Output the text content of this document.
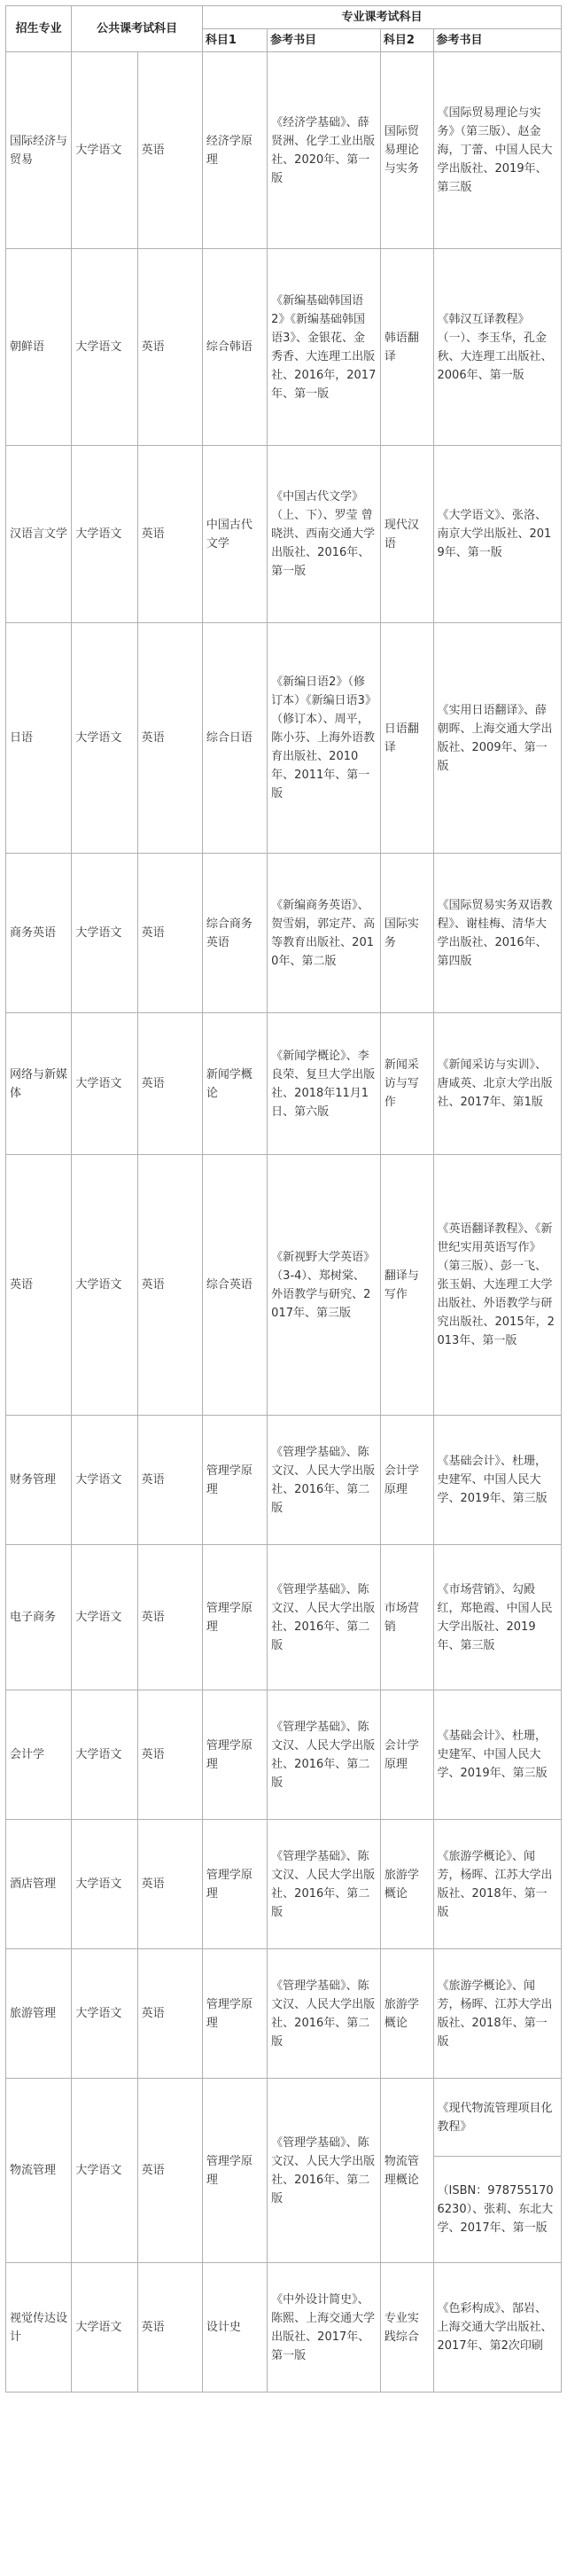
招生专业	公共课考试科目		专业课考试科目			
			科目1	参考书目	科目2	参考书目
国际经济与贸易	大学语文	英语	经济学原理	《经济学基础》、薛贤洲、化学工业出版社、2020年、第一版	国际贸易理论与实务	《国际贸易理论与实务》（第三版）、赵金海，丁蕾、中国人民大学出版社、2019年、第三版
朝鲜语	大学语文	英语	综合韩语	《新编基础韩国语2》《新编基础韩国语3》、金银花、金秀香、大连理工出版社、2016年，2017年、第一版	韩语翻译	《韩汉互译教程》（一）、李玉华，孔金秋、大连理工出版社、2006年、第一版
汉语言文学	大学语文	英语	中国古代文学	《中国古代文学》（上、下）、罗莹 曾晓洪、西南交通大学出版社、2016年、第一版	现代汉语	《大学语文》、张洛、南京大学出版社、2019年、第一版
日语	大学语文	英语	综合日语	《新编日语2》（修订本）《新编日语3》（修订本）、周平，陈小芬、上海外语教育出版社、2010年、2011年、第一版	日语翻译	《实用日语翻译》、薛朝晖、上海交通大学出版社、2009年、第一版
商务英语	大学语文	英语	综合商务英语	《新编商务英语》、贺雪娟，郭定芹、高等教育出版社、2010年、第二版	国际实务	《国际贸易实务双语教程》、谢桂梅、清华大学出版社、2016年、第四版
网络与新媒体	大学语文	英语	新闻学概论	《新闻学概论》、李良荣、复旦大学出版社、2018年11月1日、第六版	新闻采访与写作	《新闻采访与实训》、唐咸英、北京大学出版社、2017年、第1版
英语	大学语文	英语	综合英语	《新视野大学英语》（3-4）、郑树棠、外语教学与研究、2017年、第三版	翻译与写作	《英语翻译教程》、《新世纪实用英语写作》（第三版）、彭一飞、张玉娟、大连理工大学出版社、外语教学与研究出版社、2015年，2013年、第一版
财务管理	大学语文	英语	管理学原理	《管理学基础》、陈文汉、人民大学出版社、2016年、第二版	会计学原理	《基础会计》、杜珊，史建军、中国人民大学、2019年、第三版
电子商务	大学语文	英语	管理学原理	《管理学基础》、陈文汉、人民大学出版社、2016年、第二版	市场营销	《市场营销》、勾殿红，郑艳霞、中国人民大学出版社、2019年、第三版
会计学	大学语文	英语	管理学原理	《管理学基础》、陈文汉、人民大学出版社、2016年、第二版	会计学原理	《基础会计》、杜珊，史建军、中国人民大学、2019年、第三版
酒店管理	大学语文	英语	管理学原理	《管理学基础》、陈文汉、人民大学出版社、2016年、第二版	旅游学概论	《旅游学概论》、闻芳，杨晖、江苏大学出版社、2018年、第一版
旅游管理	大学语文	英语	管理学原理	《管理学基础》、陈文汉、人民大学出版社、2016年、第二版	旅游学概论	《旅游学概论》、闻芳，杨晖、江苏大学出版社、2018年、第一版
物流管理	大学语文	英语	管理学原理	《管理学基础》、陈文汉、人民大学出版社、2016年、第二版	物流管理概论	《现代物流管理项目化教程》
						（ISBN：9787551706230）、张莉、东北大学、2017年、第一版
视觉传达设计	大学语文	英语	设计史	《中外设计简史》、陈熙、上海交通大学出版社、2017年、第一版	专业实践综合	《色彩构成》、郜岩、上海交通大学出版社、2017年、第2次印刷
